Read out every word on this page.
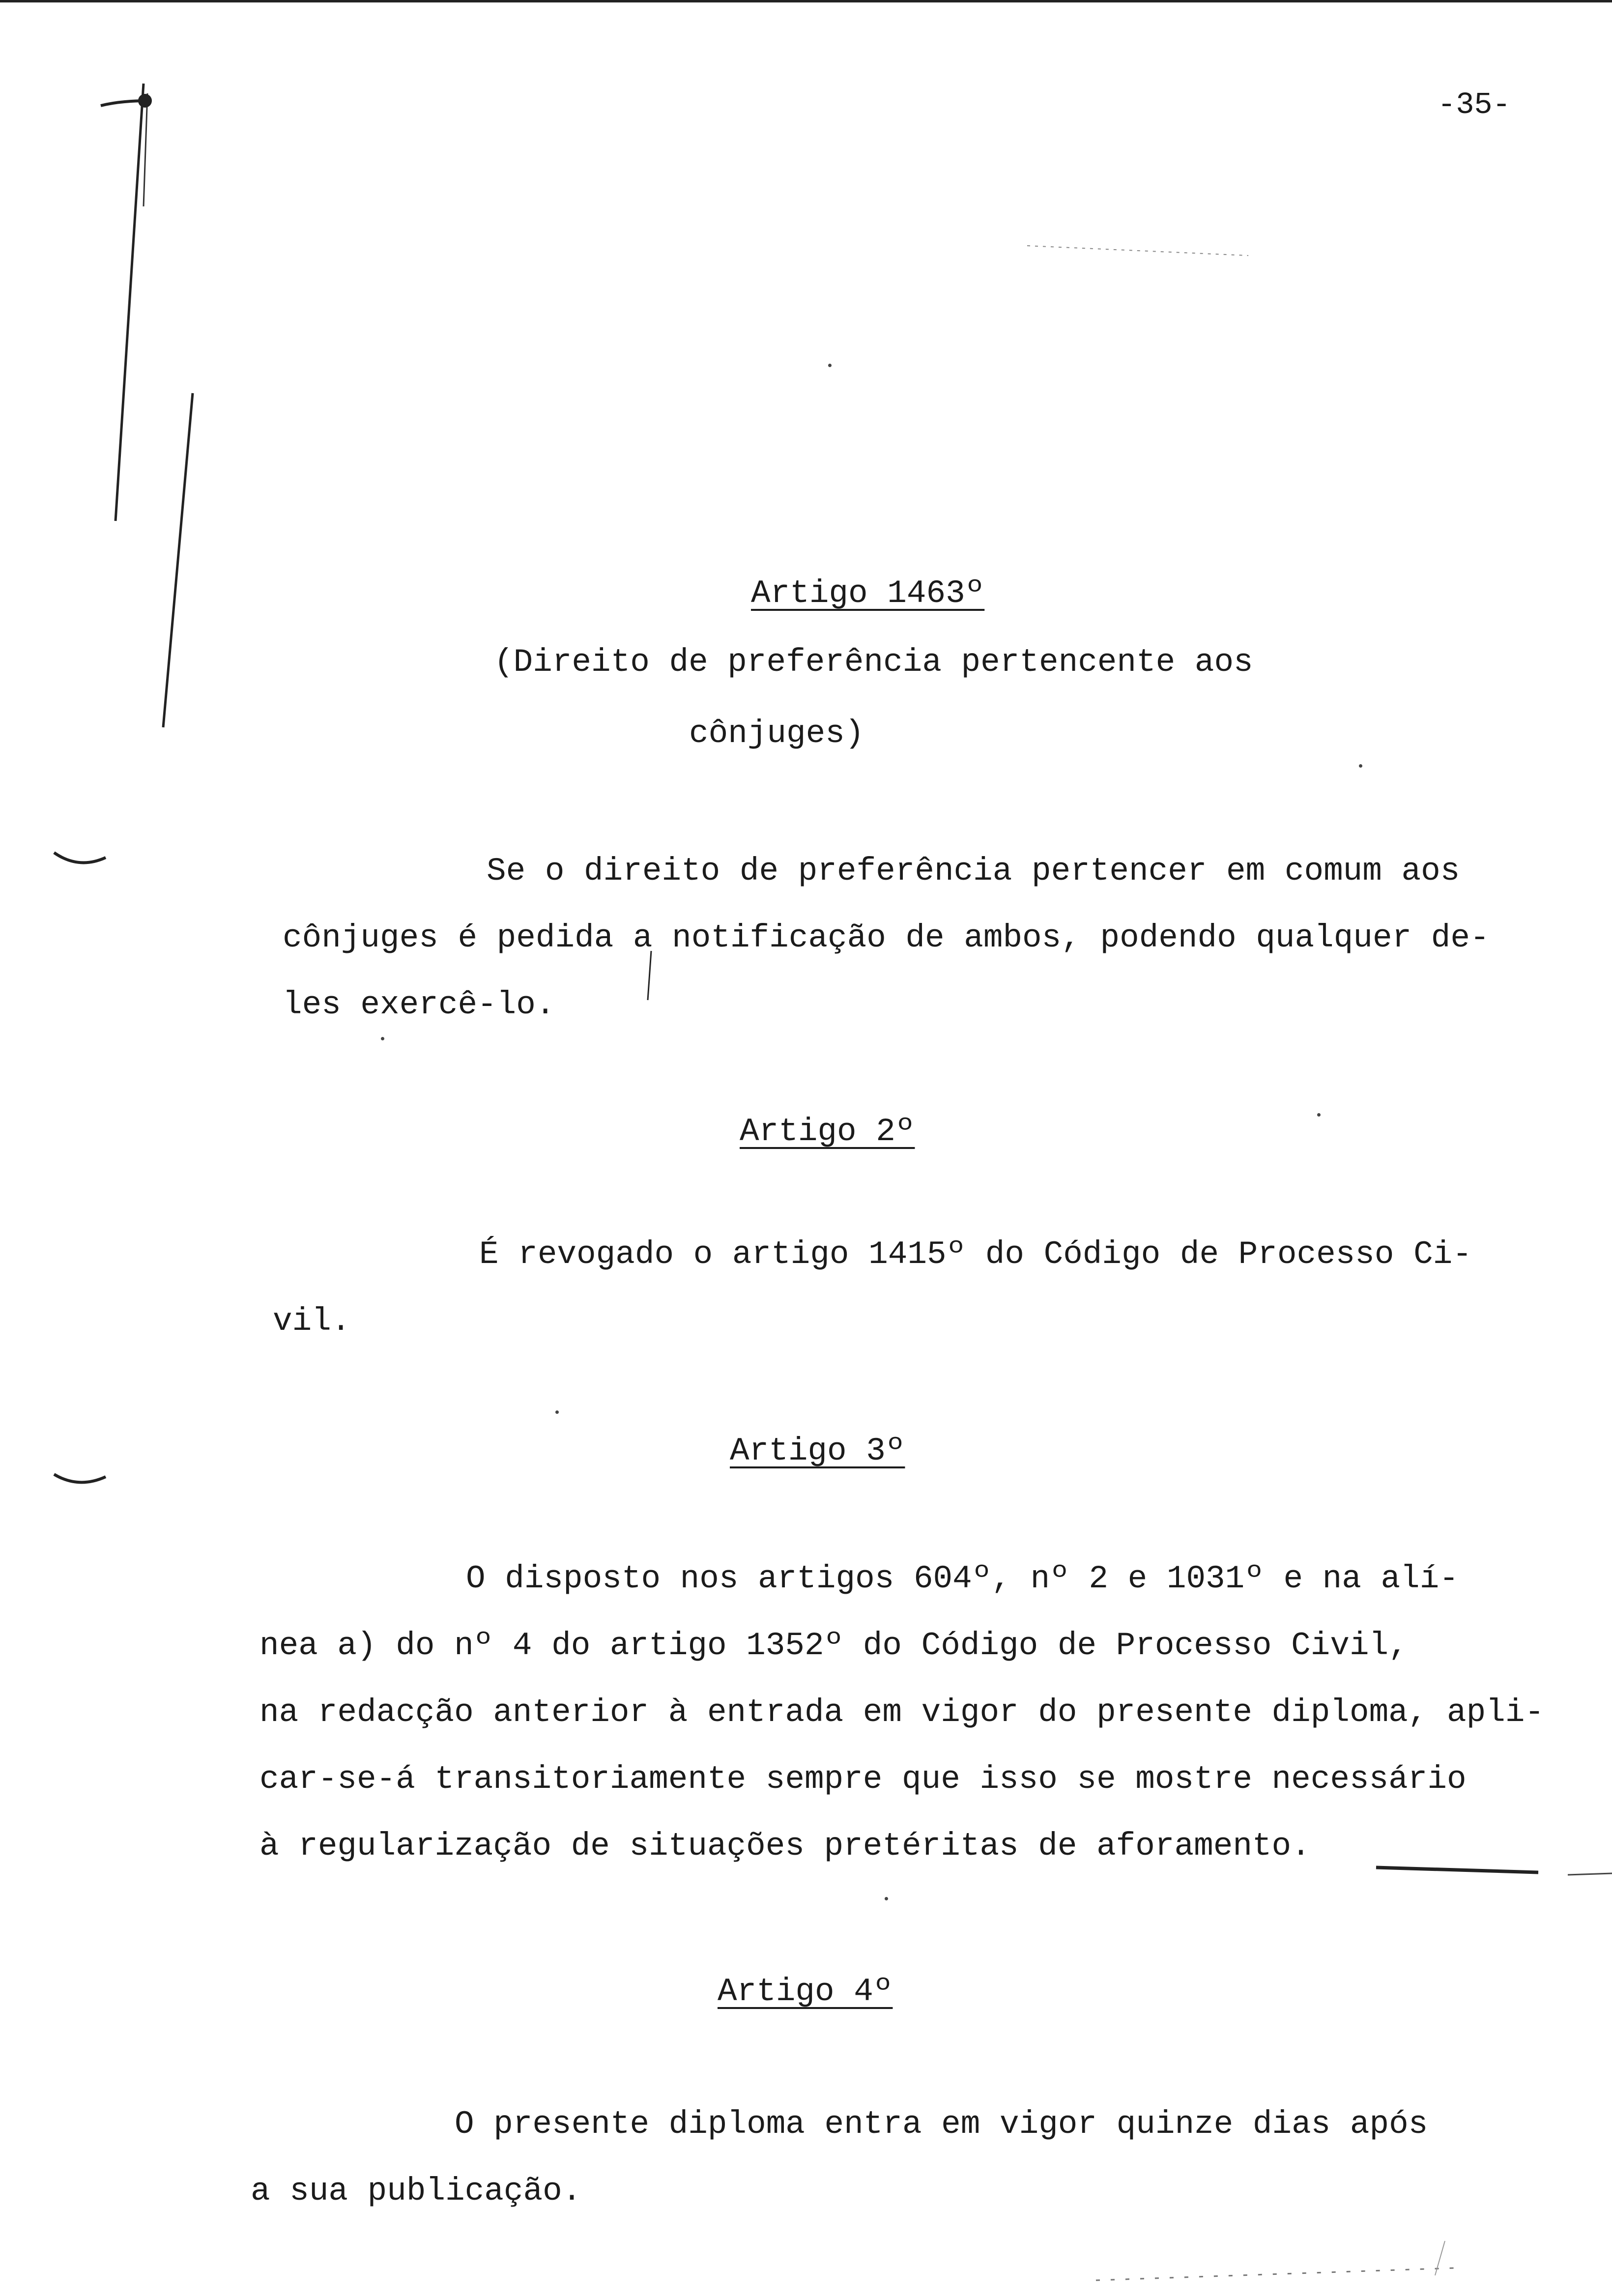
-35-
Artigo 1463º
(Direito de preferência pertencente aos
cônjuges)
Se o direito de preferência pertencer em comum aos
cônjuges é pedida a notificação de ambos, podendo qualquer de-
les exercê-lo.
Artigo 2º
É revogado o artigo 1415º do Código de Processo Ci-
vil.
Artigo 3º
O disposto nos artigos 604º, nº 2 e 1031º e na alí-
nea a) do nº 4 do artigo 1352º do Código de Processo Civil,
na redacção anterior à entrada em vigor do presente diploma, apli-
car-se-á transitoriamente sempre que isso se mostre necessário
à regularização de situações pretéritas de aforamento.
Artigo 4º
O presente diploma entra em vigor quinze dias após
a sua publicação.
